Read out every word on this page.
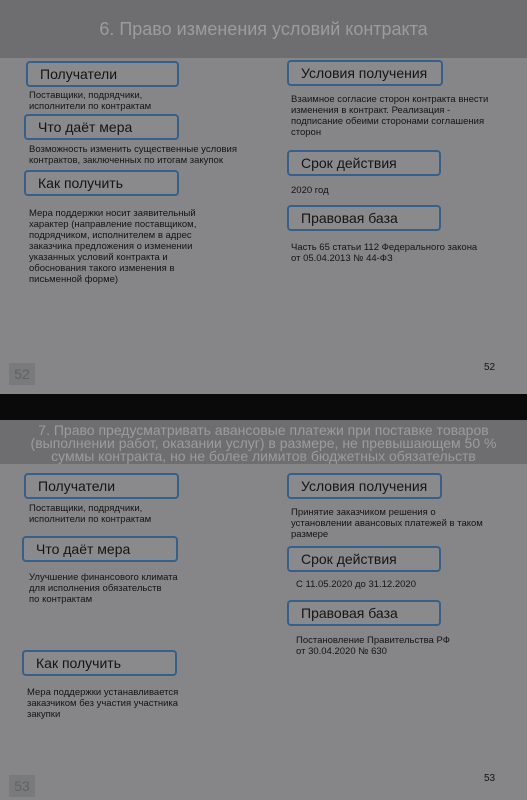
6. Право изменения условий контракта
Получатели
Поставщики, подрядчики,
исполнители по контрактам
Что даёт мера
Возможность изменить существенные условия
контрактов, заключенных по итогам закупок
Как получить
Мера поддержки носит заявительный
характер (направление поставщиком,
подрядчиком, исполнителем в адрес
заказчика предложения о изменении
указанных условий контракта и
обоснования такого изменения в
письменной форме)
Условия получения
Взаимное согласие сторон контракта внести
изменения в контракт. Реализация -
подписание обеими сторонами соглашения
сторон
Срок действия
2020 год
Правовая база
Часть 65 статьи 112 Федерального закона
от 05.04.2013 № 44-ФЗ
52	52
7. Право предусматривать авансовые платежи при поставке товаров
(выполнении работ, оказании услуг) в размере, не превышающем 50 %
суммы контракта, но не более лимитов бюджетных обязательств
Получатели
Поставщики, подрядчики,
исполнители по контрактам
Что даёт мера
Улучшение финансового климата
для исполнения обязательств
по контрактам
Как получить
Мера поддержки устанавливается
заказчиком без участия участника
закупки
Условия получения
Принятие заказчиком решения о
установлении авансовых платежей в таком
размере
Срок действия
С 11.05.2020 до 31.12.2020
Правовая база
Постановление Правительства РФ
от 30.04.2020 № 630
53	53
